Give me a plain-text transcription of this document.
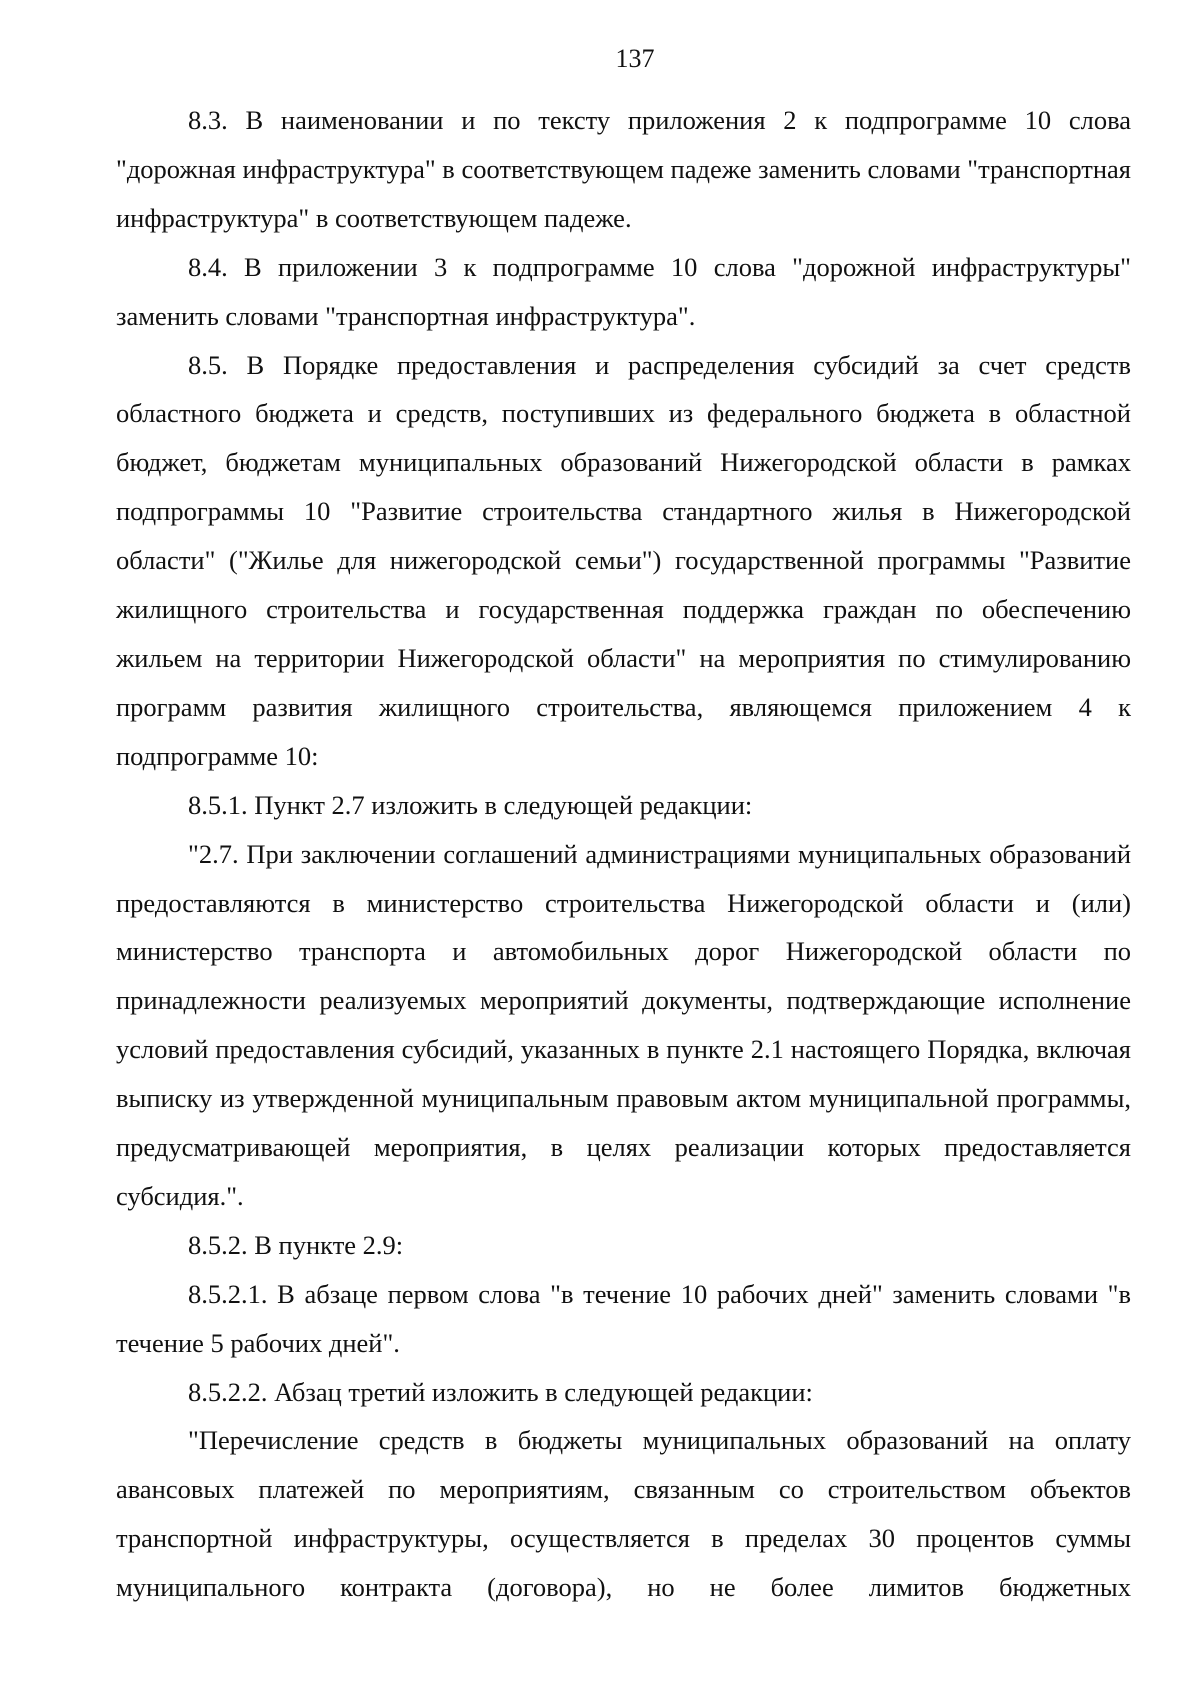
137

8.3. В наименовании и по тексту приложения 2 к подпрограмме 10 слова "дорожная инфраструктура" в соответствующем падеже заменить словами "транспортная инфраструктура" в соответствующем падеже.

8.4. В приложении 3 к подпрограмме 10 слова "дорожной инфраструктуры" заменить словами "транспортная инфраструктура".

8.5. В Порядке предоставления и распределения субсидий за счет средств областного бюджета и средств, поступивших из федерального бюджета в областной бюджет, бюджетам муниципальных образований Нижегородской области в рамках подпрограммы 10 "Развитие строительства стандартного жилья в Нижегородской области" ("Жилье для нижегородской семьи") государственной программы "Развитие жилищного строительства и государственная поддержка граждан по обеспечению жильем на территории Нижегородской области" на мероприятия по стимулированию программ развития жилищного строительства, являющемся приложением 4 к подпрограмме 10:

8.5.1. Пункт 2.7 изложить в следующей редакции:

"2.7. При заключении соглашений администрациями муниципальных образований предоставляются в министерство строительства Нижегородской области и (или) министерство транспорта и автомобильных дорог Нижегородской области по принадлежности реализуемых мероприятий документы, подтверждающие исполнение условий предоставления субсидий, указанных в пункте 2.1 настоящего Порядка, включая выписку из утвержденной муниципальным правовым актом муниципальной программы, предусматривающей мероприятия, в целях реализации которых предоставляется субсидия.".

8.5.2. В пункте 2.9:

8.5.2.1. В абзаце первом слова "в течение 10 рабочих дней" заменить словами "в течение 5 рабочих дней".

8.5.2.2. Абзац третий изложить в следующей редакции:

"Перечисление средств в бюджеты муниципальных образований на оплату авансовых платежей по мероприятиям, связанным со строительством объектов транспортной инфраструктуры, осуществляется в пределах 30 процентов суммы муниципального контракта (договора), но не более лимитов бюджетных
